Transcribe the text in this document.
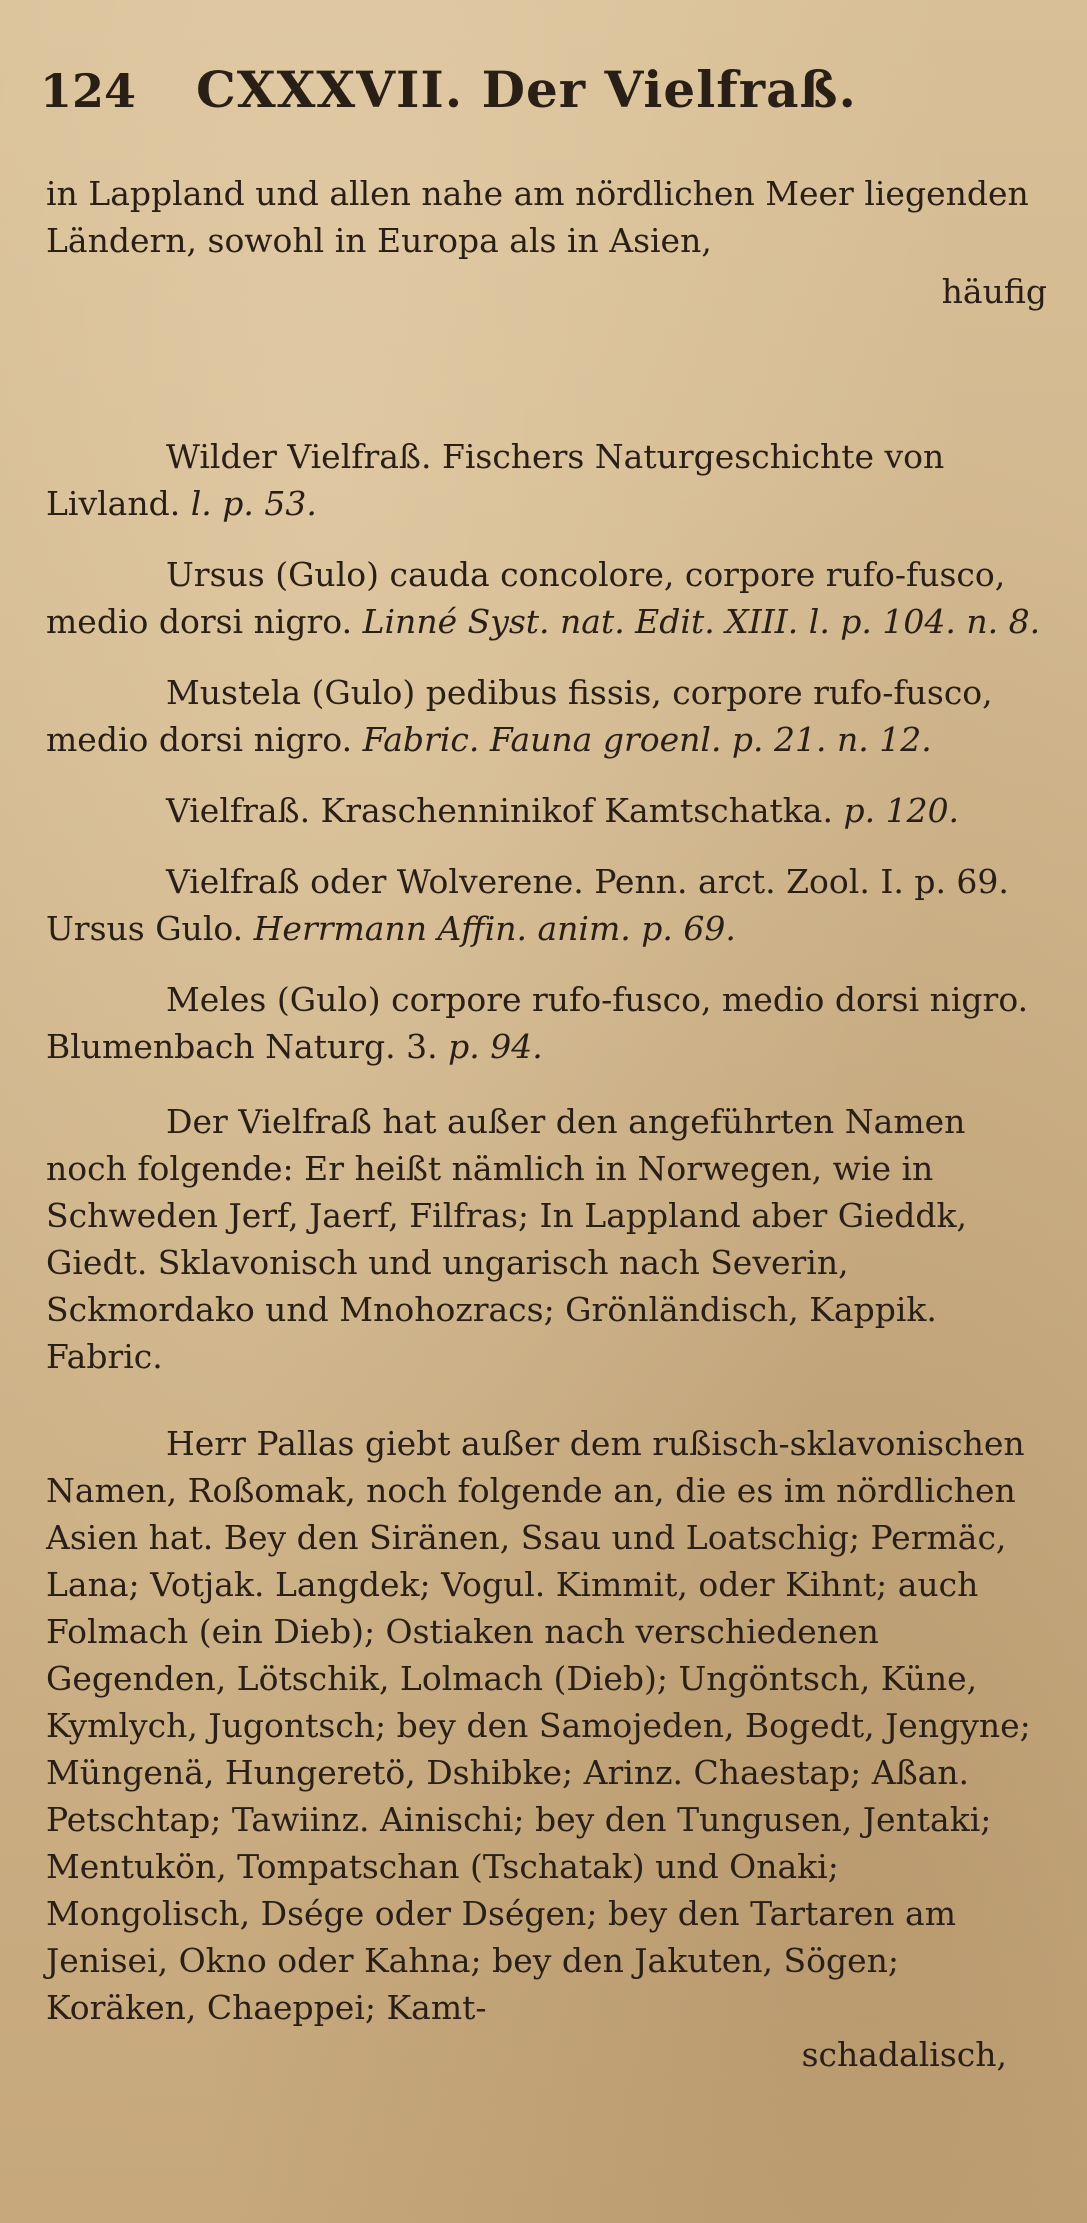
124 CXXXVII. Der Vielfraß.

in Lappland und allen nahe am nördlichen Meer liegenden Ländern, sowohl in Europa als in Asien,

häufig

Wilder Vielfraß. Fischers Naturgeschichte von Livland. l. p. 53.

Ursus (Gulo) cauda concolore, corpore rufo-fusco, medio dorsi nigro. Linné Syst. nat. Edit. XIII. l. p. 104. n. 8.

Mustela (Gulo) pedibus fissis, corpore rufo-fusco, medio dorsi nigro. Fabric. Fauna groenl. p. 21. n. 12.

Vielfraß. Kraschenninikof Kamtschatka. p. 120.

Vielfraß oder Wolverene. Penn. arct. Zool. I. p. 69. Ursus Gulo. Herrmann Affin. anim. p. 69.

Meles (Gulo) corpore rufo-fusco, medio dorsi nigro. Blumenbach Naturg. 3. p. 94.

Der Vielfraß hat außer den angeführten Namen noch folgende: Er heißt nämlich in Norwegen, wie in Schweden Jerf, Jaerf, Filfras; In Lappland aber Gieddk, Giedt. Sklavonisch und ungarisch nach Severin, Sckmordako und Mnohozracs; Grönländisch, Kappik. Fabric.

Herr Pallas giebt außer dem rußisch-sklavonischen Namen, Roßomak, noch folgende an, die es im nördlichen Asien hat. Bey den Siränen, Ssau und Loatschig; Permäc, Lana; Votjak. Langdek; Vogul. Kimmit, oder Kihnt; auch Folmach (ein Dieb); Ostiaken nach verschiedenen Gegenden, Lötschik, Lolmach (Dieb); Ungöntsch, Küne, Kymlych, Jugontsch; bey den Samojeden, Bogedt, Jengyne; Müngenä, Hungeretö, Dshibke; Arinz. Chaestap; Aßan. Petschtap; Tawiinz. Ainischi; bey den Tungusen, Jentaki; Mentukön, Tompatschan (Tschatak) und Onaki; Mongolisch, Dsége oder Dségen; bey den Tartaren am Jenisei, Okno oder Kahna; bey den Jakuten, Sögen; Koräken, Chaeppei; Kamt-

schadalisch,
